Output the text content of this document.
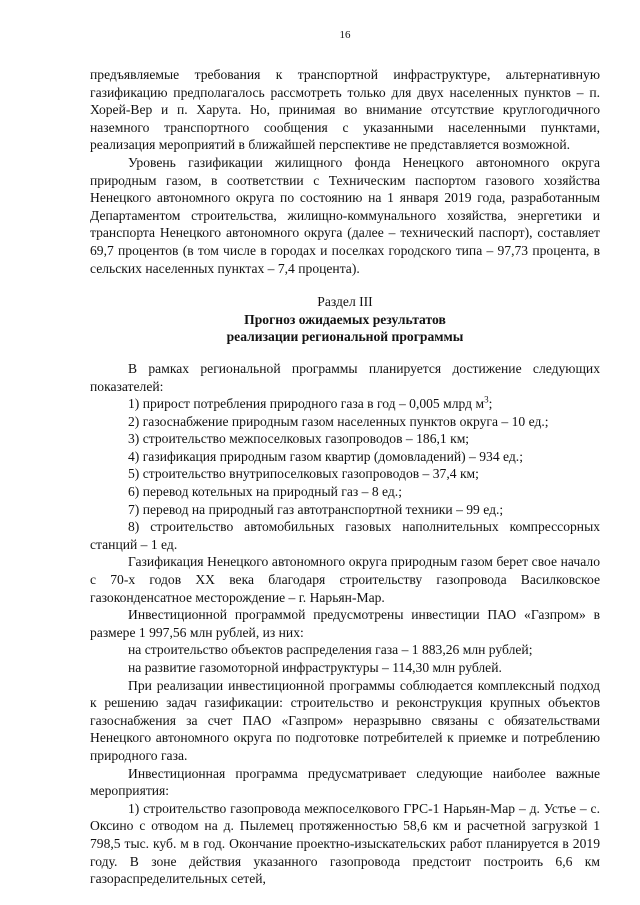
16

предъявляемые требования к транспортной инфраструктуре, альтернативную газификацию предполагалось рассмотреть только для двух населенных пунктов – п. Хорей-Вер и п. Харута. Но, принимая во внимание отсутствие круглогодичного наземного транспортного сообщения с указанными населенными пунктами, реализация мероприятий в ближайшей перспективе не представляется возможной.

Уровень газификации жилищного фонда Ненецкого автономного округа природным газом, в соответствии с Техническим паспортом газового хозяйства Ненецкого автономного округа по состоянию на 1 января 2019 года, разработанным Департаментом строительства, жилищно-коммунального хозяйства, энергетики и транспорта Ненецкого автономного округа (далее – технический паспорт), составляет 69,7 процентов (в том числе в городах и поселках городского типа – 97,73 процента, в сельских населенных пунктах – 7,4 процента).

Раздел III

Прогноз ожидаемых результатов

реализации региональной программы

В рамках региональной программы планируется достижение следующих показателей:

1) прирост потребления природного газа в год – 0,005 млрд $м^3$;

2) газоснабжение природным газом населенных пунктов округа – 10 ед.;

3) строительство межпоселковых газопроводов – 186,1 км;

4) газификация природным газом квартир (домовладений) – 934 ед.;

5) строительство внутрипоселковых газопроводов – 37,4 км;

6) перевод котельных на природный газ – 8 ед.;

7) перевод на природный газ автотранспортной техники – 99 ед.;

8) строительство автомобильных газовых наполнительных компрессорных станций – 1 ед.

Газификация Ненецкого автономного округа природным газом берет свое начало с 70-х годов XX века благодаря строительству газопровода Василковское газоконденсатное месторождение – г. Нарьян-Мар.

Инвестиционной программой предусмотрены инвестиции ПАО «Газпром» в размере 1 997,56 млн рублей, из них:

на строительство объектов распределения газа – 1 883,26 млн рублей;

на развитие газомоторной инфраструктуры – 114,30 млн рублей.

При реализации инвестиционной программы соблюдается комплексный подход к решению задач газификации: строительство и реконструкция крупных объектов газоснабжения за счет ПАО «Газпром» неразрывно связаны с обязательствами Ненецкого автономного округа по подготовке потребителей к приемке и потреблению природного газа.

Инвестиционная программа предусматривает следующие наиболее важные мероприятия:

1) строительство газопровода межпоселкового ГРС-1 Нарьян-Мар – д. Устье – с. Оксино с отводом на д. Пылемец протяженностью 58,6 км и расчетной загрузкой 1 798,5 тыс. куб. м в год. Окончание проектно-изыскательских работ планируется в 2019 году. В зоне действия указанного газопровода предстоит построить 6,6 км газораспределительных сетей,
